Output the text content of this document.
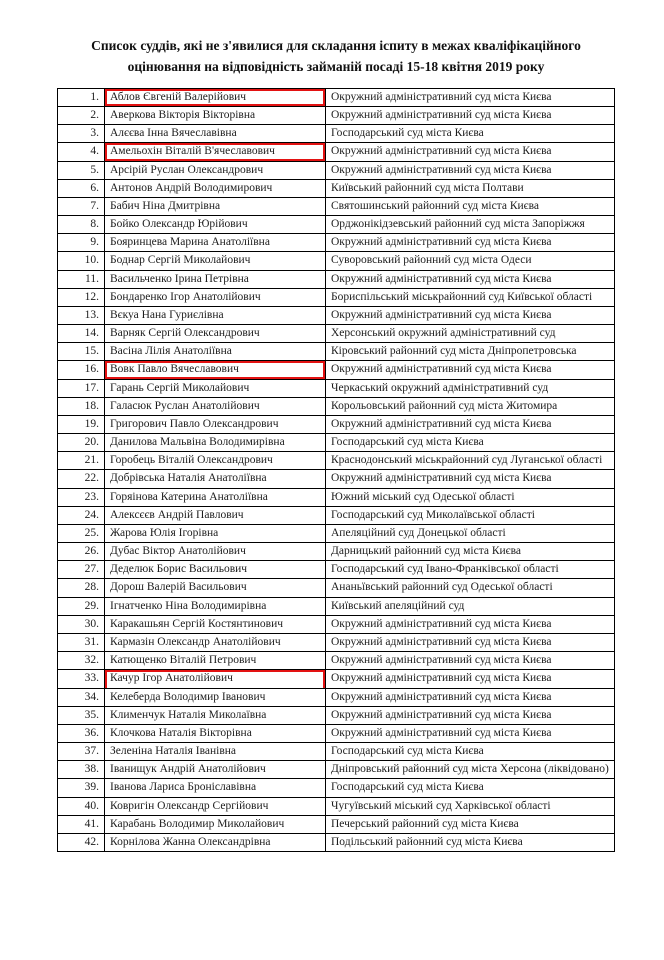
Список суддів, які не з'явилися для складання іспиту в межах кваліфікаційного оцінювання на відповідність займаній посаді 15-18 квітня 2019 року
1.	Аблов Євгеній Валерійович	Окружний адміністративний суд міста Києва
2.	Аверкова Вікторія Вікторівна	Окружний адміністративний суд міста Києва
3.	Алєєва Інна Вячеславівна	Господарський суд міста Києва
4.	Амельохін Віталій В'ячеславович	Окружний адміністративний суд міста Києва
5.	Арсірій Руслан Олександрович	Окружний адміністративний суд міста Києва
6.	Антонов Андрій Володимирович	Київський районний суд міста Полтави
7.	Бабич Ніна Дмитрівна	Святошинський районний суд міста Києва
8.	Бойко Олександр Юрійович	Орджонікідзевський районний суд міста Запоріжжя
9.	Бояринцева Марина Анатоліївна	Окружний адміністративний суд міста Києва
10.	Боднар Сергій Миколайович	Суворовський районний суд міста Одеси
11.	Васильченко Ірина Петрівна	Окружний адміністративний суд міста Києва
12.	Бондаренко Ігор Анатолійович	Бориспільський міськрайонний суд Київської області
13.	Вєкуа Нана Гуриєлівна	Окружний адміністративний суд міста Києва
14.	Варняк Сергій Олександрович	Херсонський окружний адміністративний суд
15.	Васіна Лілія Анатоліївна	Кіровський районний суд міста Дніпропетровська
16.	Вовк Павло Вячеславович	Окружний адміністративний суд міста Києва
17.	Гарань Сергій Миколайович	Черкаський окружний адміністративний суд
18.	Галасюк Руслан Анатолійович	Корольовський районний суд міста Житомира
19.	Григорович Павло Олександрович	Окружний адміністративний суд міста Києва
20.	Данилова Мальвіна Володимирівна	Господарський суд міста Києва
21.	Горобець Віталій Олександрович	Краснодонський міськрайонний суд Луганської області
22.	Добрівська Наталія Анатоліївна	Окружний адміністративний суд міста Києва
23.	Горяінова Катерина Анатоліївна	Южний міський суд Одеської області
24.	Алексєєв Андрій Павлович	Господарський суд Миколаївської області
25.	Жарова Юлія Ігорівна	Апеляційний суд Донецької області
26.	Дубас Віктор Анатолійович	Дарницький районний суд міста Києва
27.	Деделюк Борис Васильович	Господарський суд Івано-Франківської області
28.	Дорош Валерій Васильович	Ананьївський районний суд Одеської області
29.	Ігнатченко Ніна Володимирівна	Київський апеляційний суд
30.	Каракашьян Сергій Костянтинович	Окружний адміністративний суд міста Києва
31.	Кармазін Олександр Анатолійович	Окружний адміністративний суд міста Києва
32.	Катющенко Віталій Петрович	Окружний адміністративний суд міста Києва
33.	Качур Ігор Анатолійович	Окружний адміністративний суд міста Києва
34.	Келеберда Володимир Іванович	Окружний адміністративний суд міста Києва
35.	Клименчук Наталія Миколаївна	Окружний адміністративний суд міста Києва
36.	Клочкова Наталія Вікторівна	Окружний адміністративний суд міста Києва
37.	Зеленіна Наталія Іванівна	Господарський суд міста Києва
38.	Іванищук Андрій Анатолійович	Дніпровський районний суд міста Херсона (ліквідовано)
39.	Іванова Лариса Броніславівна	Господарський суд міста Києва
40.	Ковригін Олександр Сергійович	Чугуївський міський суд Харківської області
41.	Карабань Володимир Миколайович	Печерський районний суд міста Києва
42.	Корнілова Жанна Олександрівна	Подільський районний суд міста Києва
